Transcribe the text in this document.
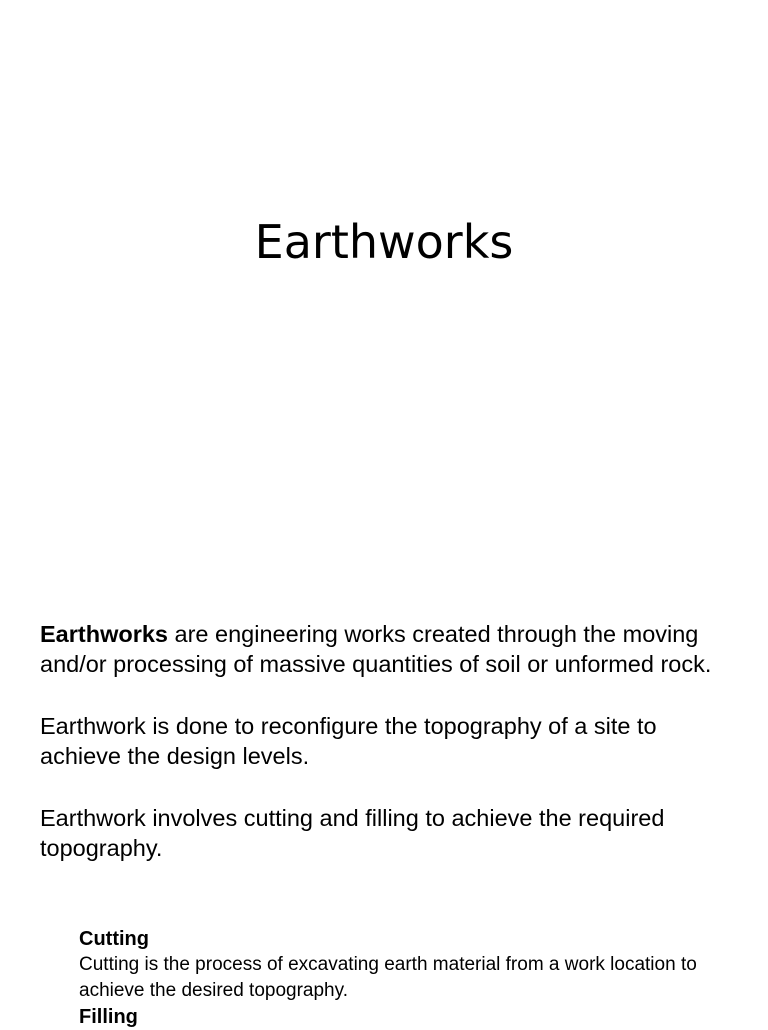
Earthworks

Earthworks are engineering works created through the moving and/or processing of massive quantities of soil or unformed rock.

Earthwork is done to reconfigure the topography of a site to achieve the design levels.

Earthwork involves cutting and filling to achieve the required topography.

Cutting
Cutting is the process of excavating earth material from a work location to achieve the desired topography.
Filling
